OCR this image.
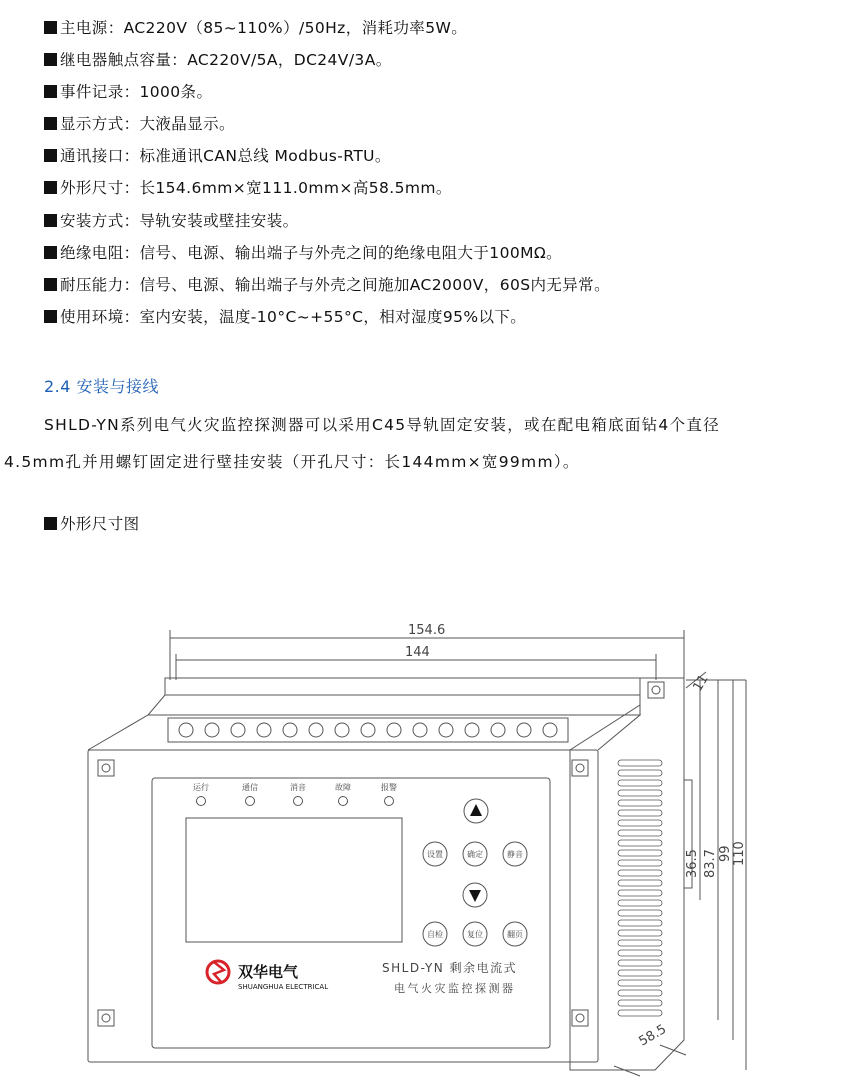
主电源：AC220V（85~110%）/50Hz，消耗功率5W。
继电器触点容量：AC220V/5A，DC24V/3A。
事件记录：1000条。
显示方式：大液晶显示。
通讯接口：标准通讯CAN总线 Modbus-RTU。
外形尺寸：长154.6mm×宽111.0mm×高58.5mm。
安装方式：导轨安装或壁挂安装。
绝缘电阻：信号、电源、输出端子与外壳之间的绝缘电阻大于100MΩ。
耐压能力：信号、电源、输出端子与外壳之间施加AC2000V，60S内无异常。
使用环境：室内安装，温度-10°C~+55°C，相对湿度95%以下。
2.4 安装与接线
SHLD-YN系列电气火灾监控探测器可以采用C45导轨固定安装，或在配电箱底面钻4个直径
4.5mm孔并用螺钉固定进行壁挂安装（开孔尺寸：长144mm×宽99mm）。
外形尺寸图
154.6
144
36.5 83.7 99 110
11
58.5
运行	通信	消音	故障	报警
设置	确定	静音
自检	复位	翻页
双华电气
SHUANGHUA ELECTRICAL
SHLD-YN 剩余电流式
电气火灾监控探测器
